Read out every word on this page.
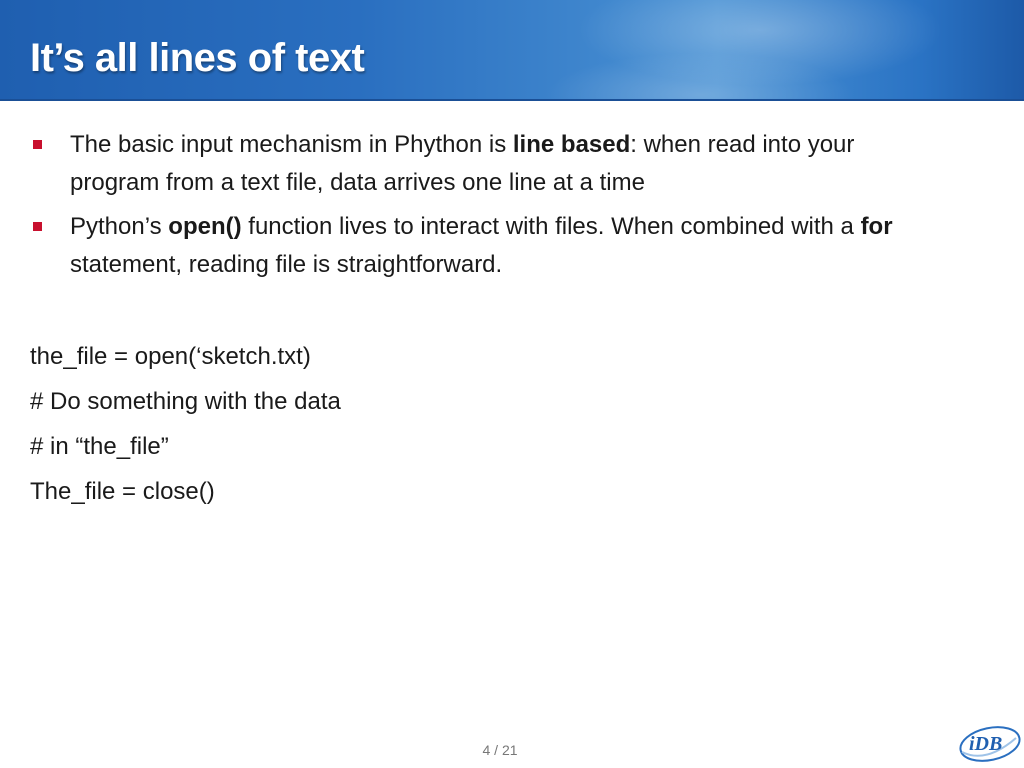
It’s all lines of text
The basic input mechanism in Phython is line based: when read into your program from a text file, data arrives one line at a time
Python’s open() function lives to interact with files. When combined with a for statement, reading file is straightforward.
the_file = open(‘sketch.txt)
# Do something with the data
# in “the_file”
The_file = close()
4 / 21	iDB
